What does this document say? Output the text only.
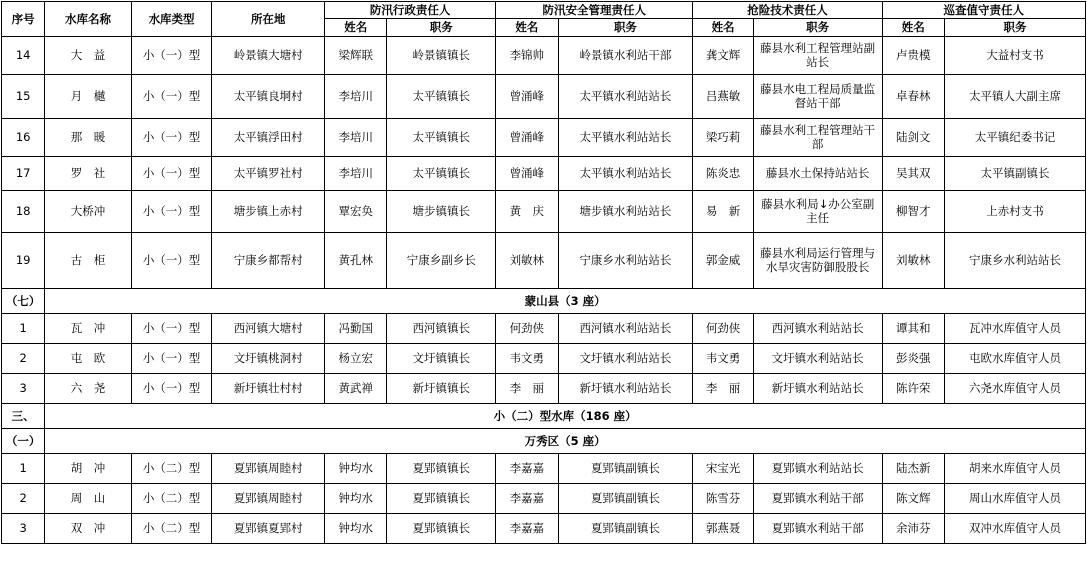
序号	水库名称	水库类型	所在地	防汛行政责任人		防汛安全管理责任人		抢险技术责任人		巡查值守责任人	
				姓名	职务	姓名	职务	姓名	职务	姓名	职务
14	大　益	小（一）型	岭景镇大塘村	梁辉联	岭景镇镇长	李锦帅	岭景镇水利站干部	龚文辉	藤县水利工程管理站副站长	卢贵模	大益村支书
15	月　樾	小（一）型	太平镇良垌村	李培川	太平镇镇长	曾涌峰	太平镇水利站站长	吕燕敏	藤县水电工程局质量监督站干部	卓春林	太平镇人大副主席
16	那　暖	小（一）型	太平镇浮田村	李培川	太平镇镇长	曾涌峰	太平镇水利站站长	梁巧莉	藤县水利工程管理站干部	陆剑文	太平镇纪委书记
17	罗　社	小（一）型	太平镇罗社村	李培川	太平镇镇长	曾涌峰	太平镇水利站站长	陈炎忠	藤县水土保持站站长	吴其双	太平镇副镇长
18	大桥冲	小（一）型	塘步镇上赤村	覃宏奂	塘步镇镇长	黄　庆	塘步镇水利站站长	易　新	藤县水利局↓办公室副主任	柳智才	上赤村支书
19	古　柜	小（一）型	宁康乡都帮村	黄孔林	宁康乡副乡长	刘敏林	宁康乡水利站站长	郭金威	藤县水利局运行管理与水旱灾害防御股股长	刘敏林	宁康乡水利站站长
（七）	蒙山县（3 座）										
1	瓦　冲	小（一）型	西河镇大塘村	冯勤国	西河镇镇长	何劲侠	西河镇水利站站长	何劲侠	西河镇水利站站长	谭其和	瓦冲水库值守人员
2	屯　欧	小（一）型	文圩镇桃洞村	杨立宏	文圩镇镇长	韦文勇	文圩镇水利站站长	韦文勇	文圩镇水利站站长	彭炎强	屯欧水库值守人员
3	六　尧	小（一）型	新圩镇壮村村	黄武禅	新圩镇镇长	李　丽	新圩镇水利站站长	李　丽	新圩镇水利站站长	陈许荣	六尧水库值守人员
三、	小（二）型水库（186 座）										
（一）	万秀区（5 座）										
1	胡　冲	小（二）型	夏郢镇周睦村	钟均水	夏郢镇镇长	李嘉嘉	夏郢镇副镇长	宋宝光	夏郢镇水利站站长	陆杰新	胡来水库值守人员
2	周　山	小（二）型	夏郢镇周睦村	钟均水	夏郢镇镇长	李嘉嘉	夏郢镇副镇长	陈雪芬	夏郢镇水利站干部	陈文辉	周山水库值守人员
3	双　冲	小（二）型	夏郢镇夏郢村	钟均水	夏郢镇镇长	李嘉嘉	夏郢镇副镇长	郭燕聂	夏郢镇水利站干部	余沛芬	双冲水库值守人员
